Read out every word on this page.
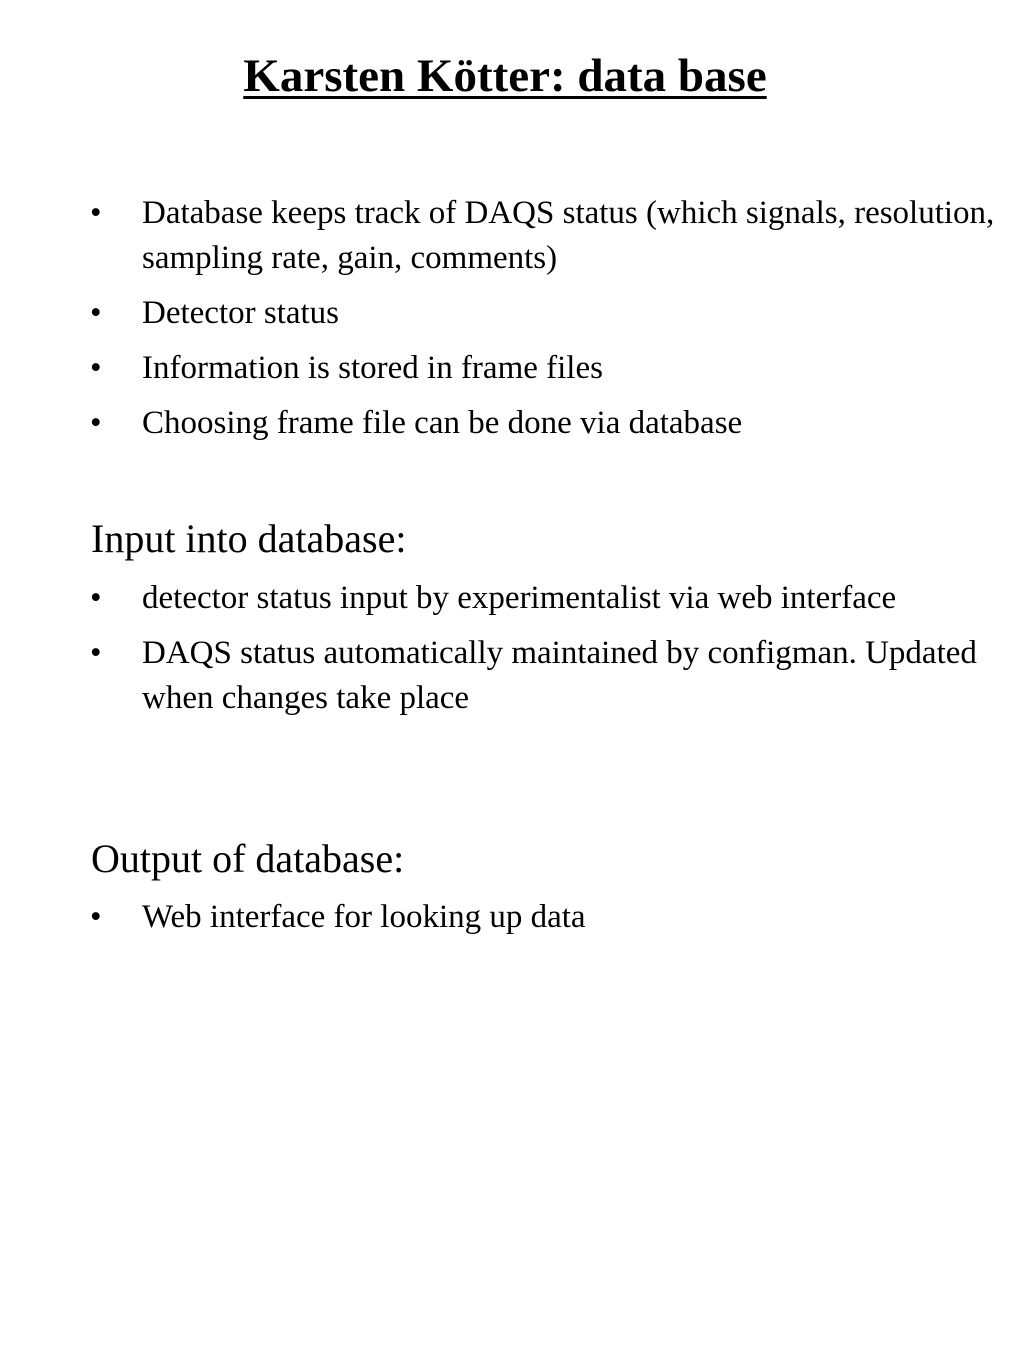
Karsten Kötter: data base
• Database keeps track of DAQS status (which signals, resolution, sampling rate, gain, comments)
• Detector status
• Information is stored in frame files
• Choosing frame file can be done via database
Input into database:
• detector status input by experimentalist via web interface
• DAQS status automatically maintained by configman. Updated when changes take place
Output of database:
• Web interface for looking up data
